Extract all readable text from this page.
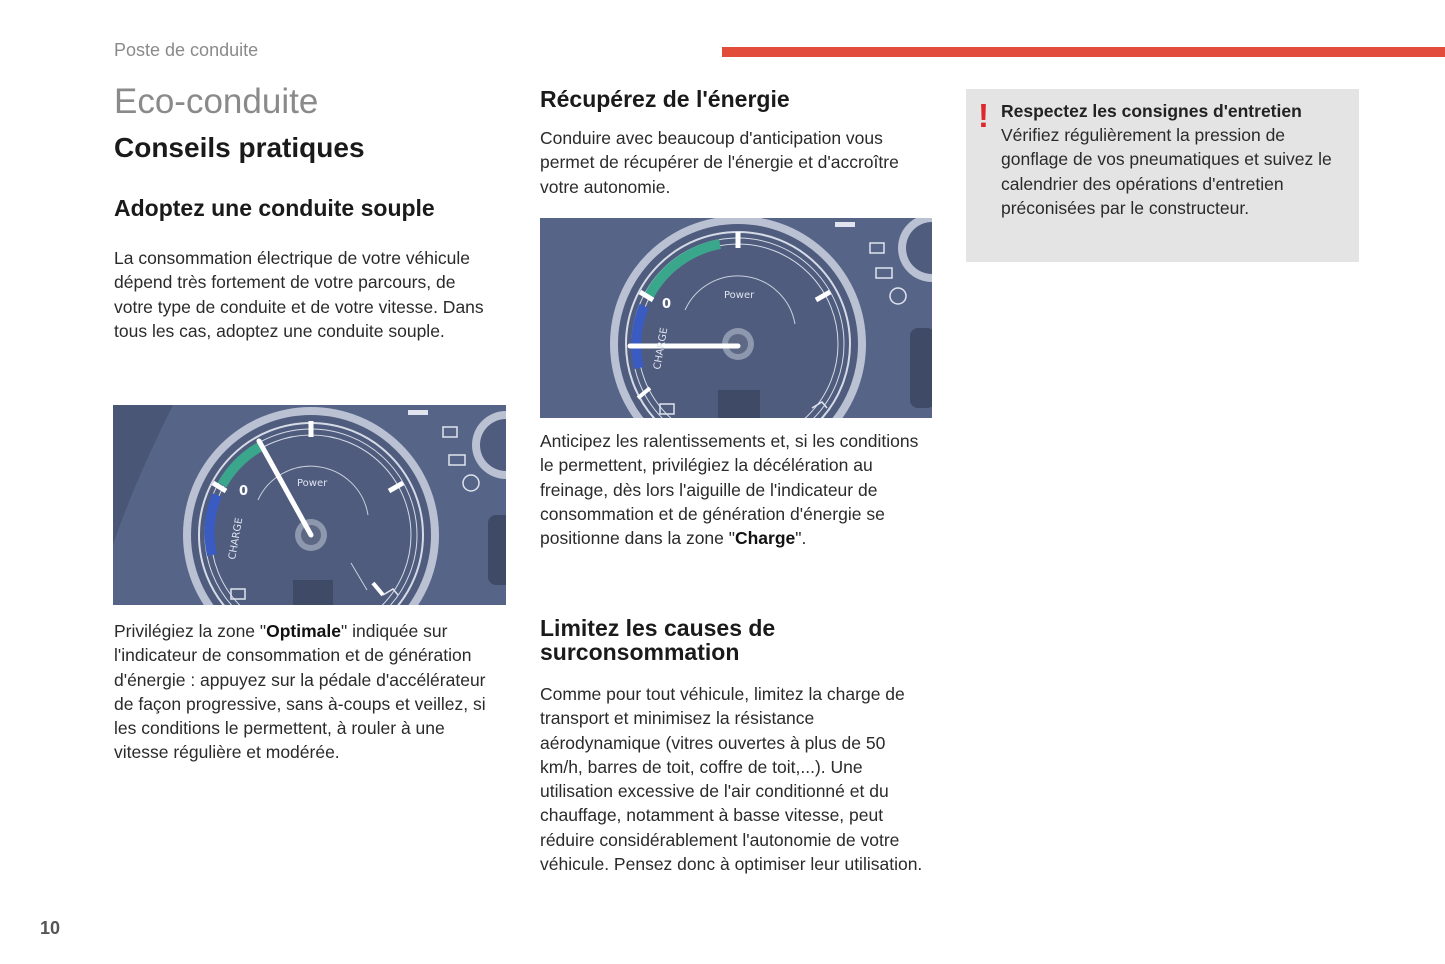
Poste de conduite
Eco-conduite
Conseils pratiques
Adoptez une conduite souple

La consommation électrique de votre véhicule dépend très fortement de votre parcours, de votre type de conduite et de votre vitesse. Dans tous les cas, adoptez une conduite souple.

0
Power
CHARGE

Privilégiez la zone "Optimale" indiquée sur l'indicateur de consommation et de génération d'énergie : appuyez sur la pédale d'accélérateur de façon progressive, sans à-coups et veillez, si les conditions le permettent, à rouler à une vitesse régulière et modérée.

Récupérez de l'énergie

Conduire avec beaucoup d'anticipation vous permet de récupérer de l'énergie et d'accroître votre autonomie.

0
Power
CHARGE

Anticipez les ralentissements et, si les conditions le permettent, privilégiez la décélération au freinage, dès lors l'aiguille de l'indicateur de consommation et de génération d'énergie se positionne dans la zone "Charge".

Limitez les causes de
surconsommation

Comme pour tout véhicule, limitez la charge de transport et minimisez la résistance aérodynamique (vitres ouvertes à plus de 50 km/h, barres de toit, coffre de toit,...). Une utilisation excessive de l'air conditionné et du chauffage, notamment à basse vitesse, peut réduire considérablement l'autonomie de votre véhicule. Pensez donc à optimiser leur utilisation.

! Respectez les consignes d'entretien
Vérifiez régulièrement la pression de gonflage de vos pneumatiques et suivez le calendrier des opérations d'entretien préconisées par le constructeur.
10
